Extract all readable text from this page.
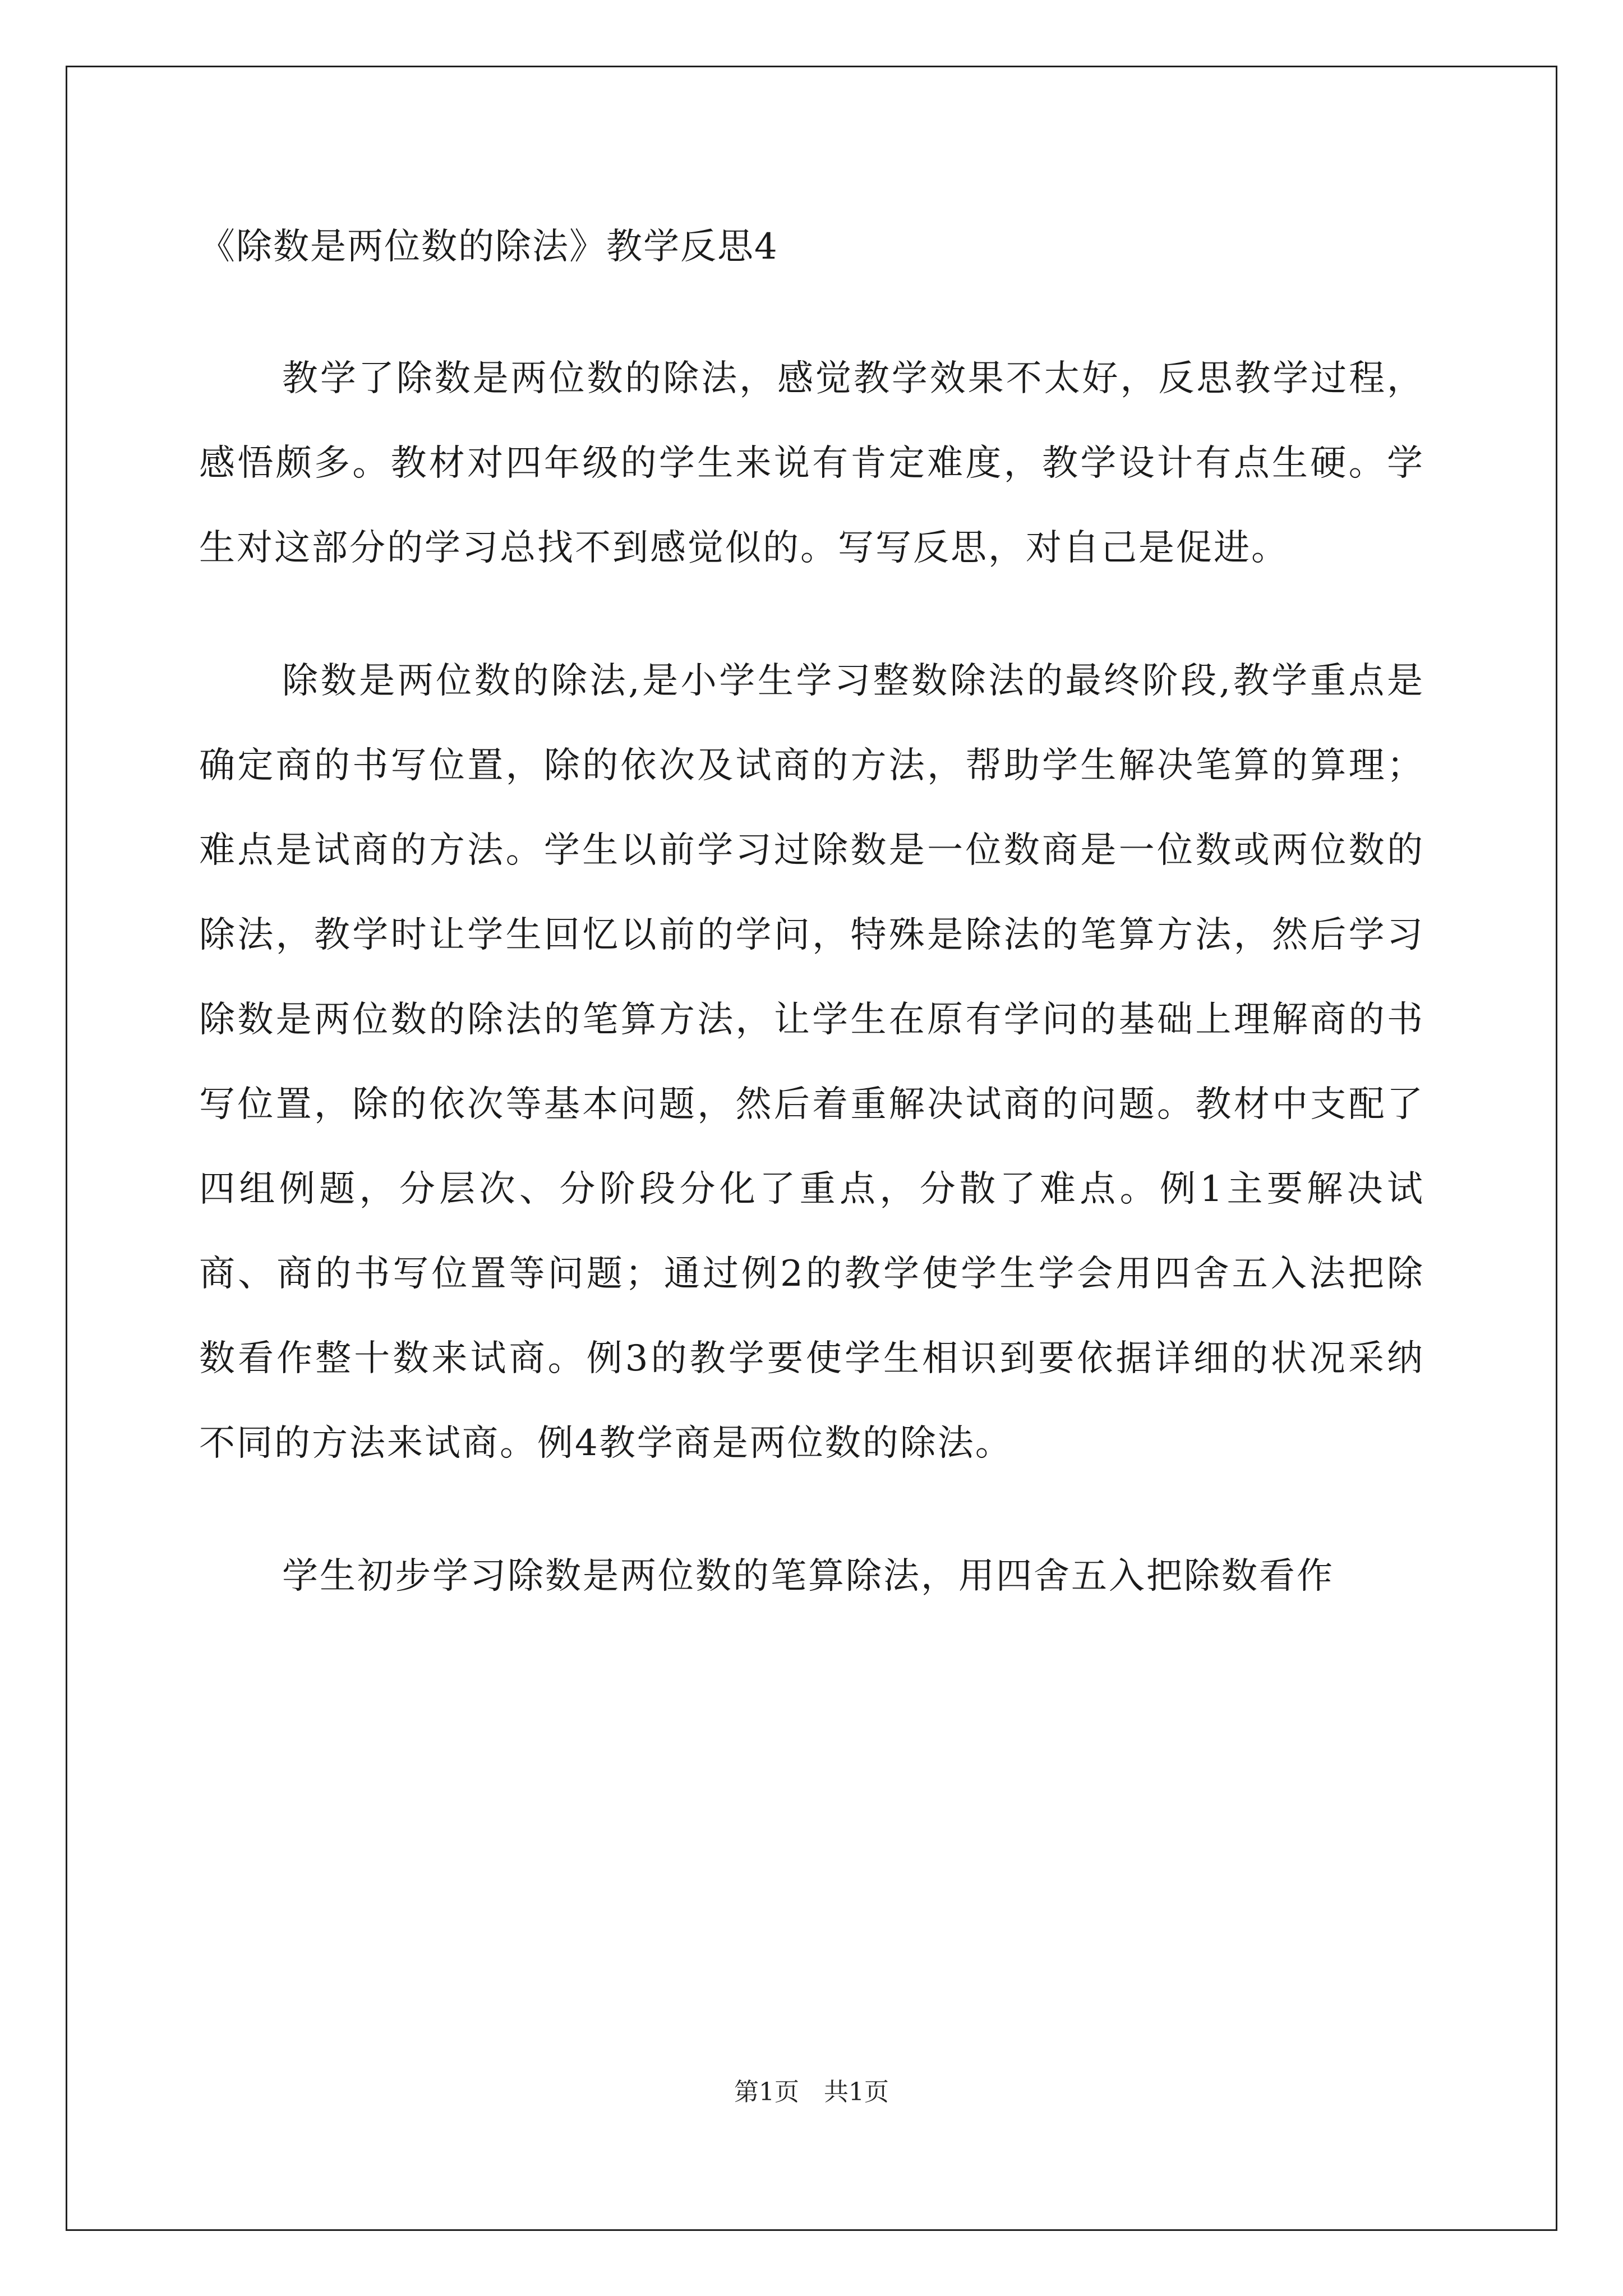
《除数是两位数的除法》教学反思4

教学了除数是两位数的除法，感觉教学效果不太好，反思教学过程，感悟颇多。教材对四年级的学生来说有肯定难度，教学设计有点生硬。学生对这部分的学习总找不到感觉似的。写写反思，对自己是促进。

除数是两位数的除法,是小学生学习整数除法的最终阶段,教学重点是确定商的书写位置，除的依次及试商的方法，帮助学生解决笔算的算理；难点是试商的方法。学生以前学习过除数是一位数商是一位数或两位数的除法，教学时让学生回忆以前的学问，特殊是除法的笔算方法，然后学习除数是两位数的除法的笔算方法，让学生在原有学问的基础上理解商的书写位置，除的依次等基本问题，然后着重解决试商的问题。教材中支配了四组例题，分层次、分阶段分化了重点，分散了难点。例1主要解决试商、商的书写位置等问题；通过例2的教学使学生学会用四舍五入法把除数看作整十数来试商。例3的教学要使学生相识到要依据详细的状况采纳不同的方法来试商。例4教学商是两位数的除法。

学生初步学习除数是两位数的笔算除法，用四舍五入把除数看作

第1页　共1页
